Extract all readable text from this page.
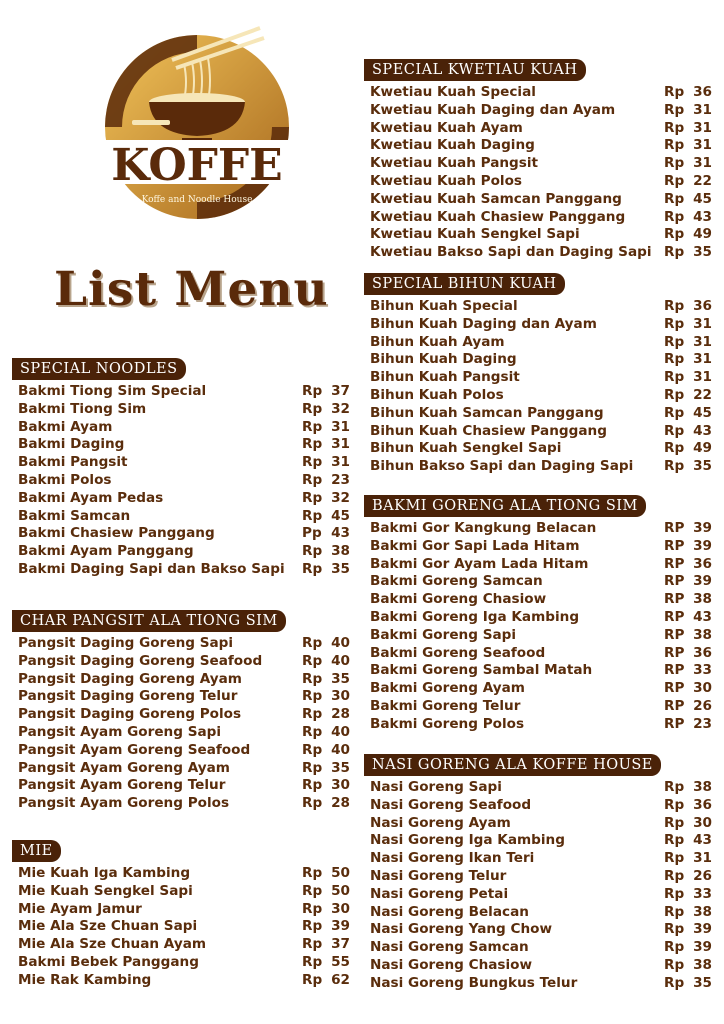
KOFFE
Koffe and Noodle House
List Menu
SPECIAL NOODLES
Bakmi Tiong Sim Special	Rp 37
Bakmi Tiong Sim	Rp 32
Bakmi Ayam	Rp 31
Bakmi Daging	Rp 31
Bakmi Pangsit	Rp 31
Bakmi Polos	Rp 23
Bakmi Ayam Pedas	Rp 32
Bakmi Samcan	Rp 45
Bakmi Chasiew Panggang	Pp 43
Bakmi Ayam Panggang	Rp 38
Bakmi Daging Sapi dan Bakso Sapi	Rp 35
CHAR PANGSIT ALA TIONG SIM
Pangsit Daging Goreng Sapi	Rp 40
Pangsit Daging Goreng Seafood	Rp 40
Pangsit Daging Goreng Ayam	Rp 35
Pangsit Daging Goreng Telur	Rp 30
Pangsit Daging Goreng Polos	Rp 28
Pangsit Ayam Goreng Sapi	Rp 40
Pangsit Ayam Goreng Seafood	Rp 40
Pangsit Ayam Goreng Ayam	Rp 35
Pangsit Ayam Goreng Telur	Rp 30
Pangsit Ayam Goreng Polos	Rp 28
MIE
Mie Kuah Iga Kambing	Rp 50
Mie Kuah Sengkel Sapi	Rp 50
Mie Ayam Jamur	Rp 30
Mie Ala Sze Chuan Sapi	Rp 39
Mie Ala Sze Chuan Ayam	Rp 37
Bakmi Bebek Panggang	Rp 55
Mie Rak Kambing	Rp 62
SPECIAL KWETIAU KUAH
Kwetiau Kuah Special	Rp 36
Kwetiau Kuah Daging dan Ayam	Rp 31
Kwetiau Kuah Ayam	Rp 31
Kwetiau Kuah Daging	Rp 31
Kwetiau Kuah Pangsit	Rp 31
Kwetiau Kuah Polos	Rp 22
Kwetiau Kuah Samcan Panggang	Rp 45
Kwetiau Kuah Chasiew Panggang	Rp 43
Kwetiau Kuah Sengkel Sapi	Rp 49
Kwetiau Bakso Sapi dan Daging Sapi Rp 35
SPECIAL BIHUN KUAH
Bihun Kuah Special	Rp 36
Bihun Kuah Daging dan Ayam	Rp 31
Bihun Kuah Ayam	Rp 31
Bihun Kuah Daging	Rp 31
Bihun Kuah Pangsit	Rp 31
Bihun Kuah Polos	Rp 22
Bihun Kuah Samcan Panggang	Rp 45
Bihun Kuah Chasiew Panggang	Rp 43
Bihun Kuah Sengkel Sapi	Rp 49
Bihun Bakso Sapi dan Daging Sapi	Rp 35
BAKMI GORENG ALA TIONG SIM
Bakmi Gor Kangkung Belacan	RP 39
Bakmi Gor Sapi Lada Hitam	RP 39
Bakmi Gor Ayam Lada Hitam	RP 36
Bakmi Goreng Samcan	RP 39
Bakmi Goreng Chasiow	RP 38
Bakmi Goreng Iga Kambing	RP 43
Bakmi Goreng Sapi	RP 38
Bakmi Goreng Seafood	RP 36
Bakmi Goreng Sambal Matah	RP 33
Bakmi Goreng Ayam	RP 30
Bakmi Goreng Telur	RP 26
Bakmi Goreng Polos	RP 23
NASI GORENG ALA KOFFE HOUSE
Nasi Goreng Sapi	Rp 38
Nasi Goreng Seafood	Rp 36
Nasi Goreng Ayam	Rp 30
Nasi Goreng Iga Kambing	Rp 43
Nasi Goreng Ikan Teri	Rp 31
Nasi Goreng Telur	Rp 26
Nasi Goreng Petai	Rp 33
Nasi Goreng Belacan	Rp 38
Nasi Goreng Yang Chow	Rp 39
Nasi Goreng Samcan	Rp 39
Nasi Goreng Chasiow	Rp 38
Nasi Goreng Bungkus Telur	Rp 35
